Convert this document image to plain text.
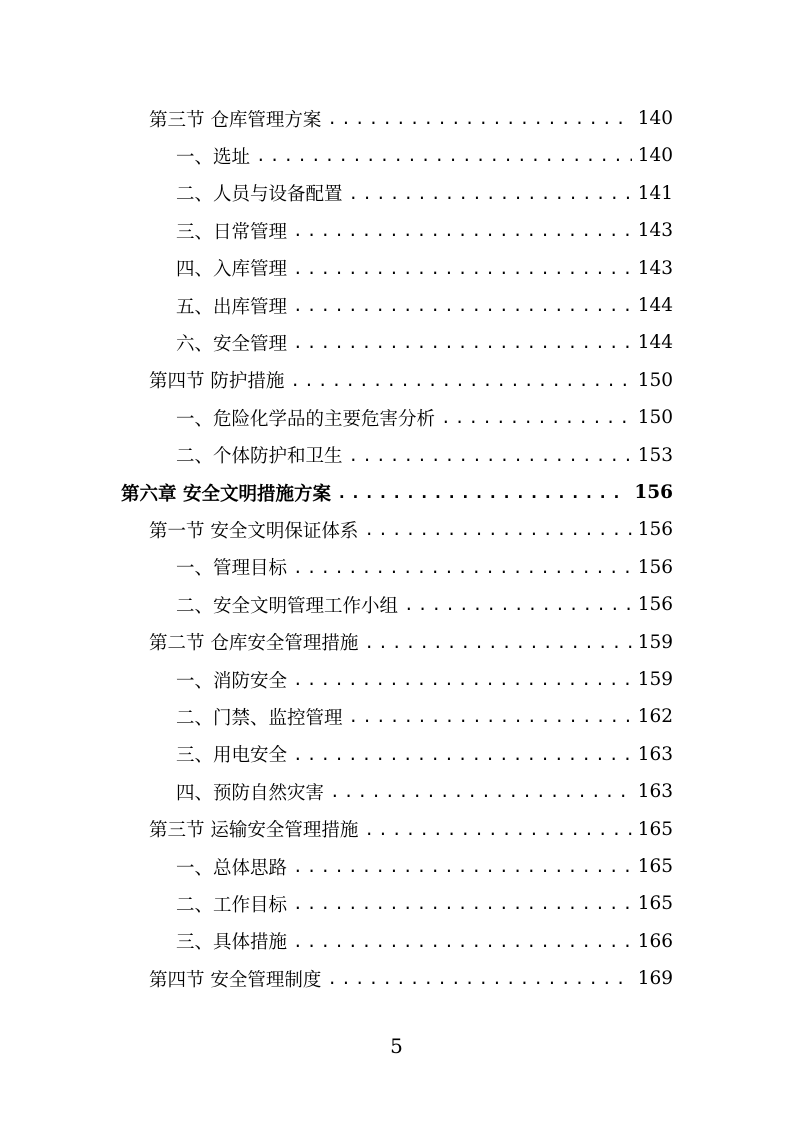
第三节 仓库管理方案 .....	140
一、选址 .....	140
二、人员与设备配置 .....	141
三、日常管理 .....	143
四、入库管理 .....	143
五、出库管理 .....	144
六、安全管理 .....	144
第四节 防护措施 .....	150
一、危险化学品的主要危害分析 .....	150
二、个体防护和卫生 .....	153
第六章 安全文明措施方案 .....	156
第一节 安全文明保证体系 .....	156
一、管理目标 .....	156
二、安全文明管理工作小组 .....	156
第二节 仓库安全管理措施 .....	159
一、消防安全 .....	159
二、门禁、监控管理 .....	162
三、用电安全 .....	163
四、预防自然灾害 .....	163
第三节 运输安全管理措施 .....	165
一、总体思路 .....	165
二、工作目标 .....	165
三、具体措施 .....	166
第四节 安全管理制度 .....	169
5
